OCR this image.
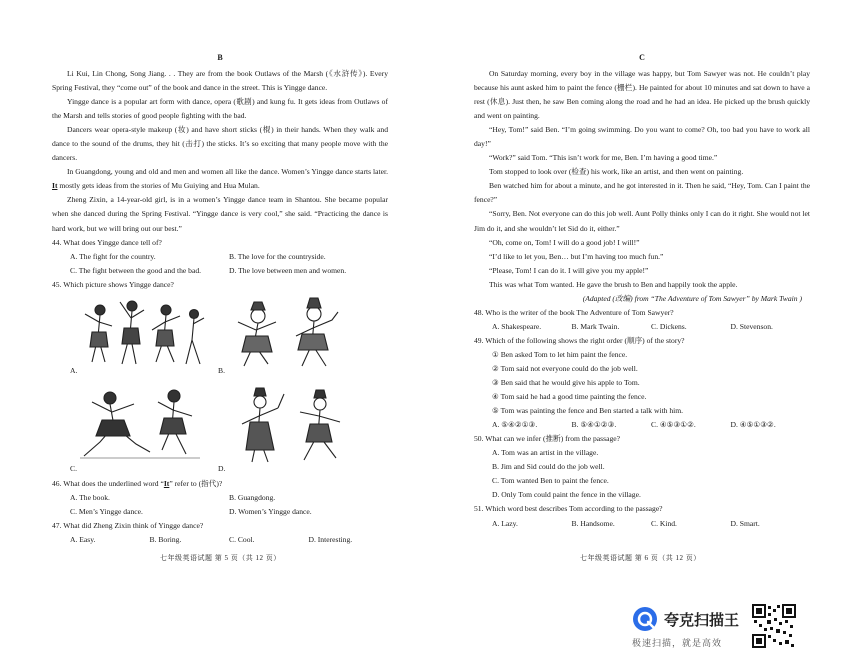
B

Li Kui, Lin Chong, Song Jiang. . . They are from the book Outlaws of the Marsh (《水浒传》). Every Spring Festival, they “come out” of the book and dance in the street. This is Yingge dance.

Yingge dance is a popular art form with dance, opera (歌剧) and kung fu. It gets ideas from Outlaws of the Marsh and tells stories of good people fighting with the bad.

Dancers wear opera-style makeup (妆) and have short sticks (棍) in their hands. When they walk and dance to the sound of the drums, they hit (击打) the sticks. It’s so exciting that many people move with the dancers.

In Guangdong, young and old and men and women all like the dance. Women’s Yingge dance starts later. It mostly gets ideas from the stories of Mu Guiying and Hua Mulan.

Zheng Zixin, a 14-year-old girl, is in a women’s Yingge dance team in Shantou. She became popular when she danced during the Spring Festival. “Yingge dance is very cool,” she said. “Practicing the dance is hard work, but we will bring out our best.”

44. What does Yingge dance tell of?
A. The fight for the country.	B. The love for the countryside.
C. The fight between the good and the bad.	D. The love between men and women.
45. Which picture shows Yingge dance?
A.	B.
C.	D.
46. What does the underlined word “It” refer to (指代)?
A. The book.	B. Guangdong.
C. Men’s Yingge dance.	D. Women’s Yingge dance.
47. What did Zheng Zixin think of Yingge dance?
A. Easy.	B. Boring.	C. Cool.	D. Interesting.
七年级英语试题 第 5 页（共 12 页）
C

On Saturday morning, every boy in the village was happy, but Tom Sawyer was not. He couldn’t play because his aunt asked him to paint the fence (栅栏). He painted for about 10 minutes and sat down to have a rest (休息). Just then, he saw Ben coming along the road and he had an idea. He picked up the brush quickly and went on painting.

“Hey, Tom!” said Ben. “I’m going swimming. Do you want to come? Oh, too bad you have to work all day!”

“Work?” said Tom. “This isn’t work for me, Ben. I’m having a good time.”

Tom stopped to look over (检查) his work, like an artist, and then went on painting.

Ben watched him for about a minute, and he got interested in it. Then he said, “Hey, Tom. Can I paint the fence?”

“Sorry, Ben. Not everyone can do this job well. Aunt Polly thinks only I can do it right. She would not let Jim do it, and she wouldn’t let Sid do it, either.”

“Oh, come on, Tom! I will do a good job! I will!”

“I’d like to let you, Ben… but I’m having too much fun.”

“Please, Tom! I can do it. I will give you my apple!”

This was what Tom wanted. He gave the brush to Ben and happily took the apple.

(Adapted (改编) from “The Adventure of Tom Sawyer” by Mark Twain )
48. Who is the writer of the book The Adventure of Tom Sawyer?
A. Shakespeare.	B. Mark Twain.	C. Dickens.	D. Stevenson.
49. Which of the following shows the right order (顺序) of the story?
① Ben asked Tom to let him paint the fence.
② Tom said not everyone could do the job well.
③ Ben said that he would give his apple to Tom.
④ Tom said he had a good time painting the fence.
⑤ Tom was painting the fence and Ben started a talk with him.
A. ⑤④②①③.	B. ⑤④①②③.	C. ④⑤③①②.	D. ④⑤①③②.
50. What can we infer (推断) from the passage?
A. Tom was an artist in the village.
B. Jim and Sid could do the job well.
C. Tom wanted Ben to paint the fence.
D. Only Tom could paint the fence in the village.
51. Which word best describes Tom according to the passage?
A. Lazy.	B. Handsome.	C. Kind.	D. Smart.
七年级英语试题 第 6 页（共 12 页）
夸克扫描王
极速扫描，就是高效
